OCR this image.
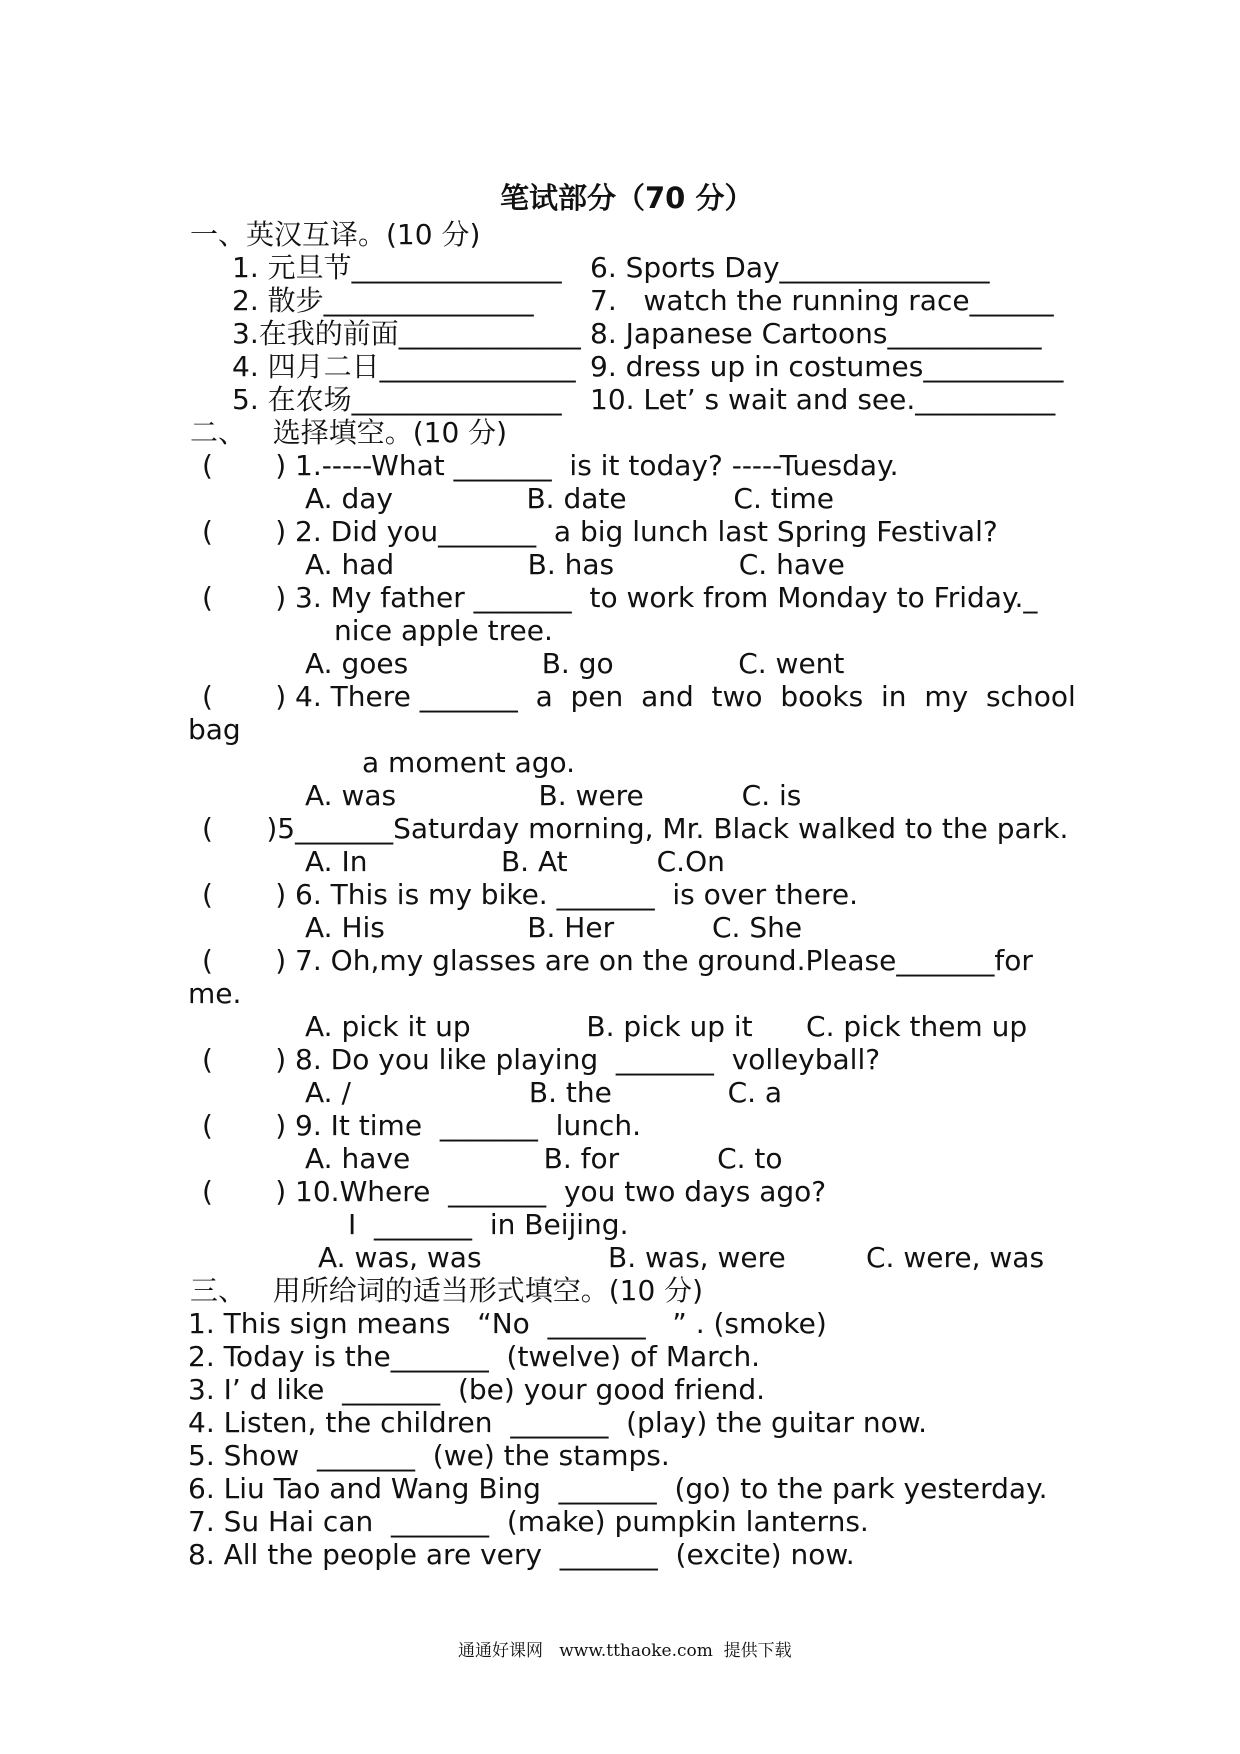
笔试部分（70 分）
一、英汉互译。(10 分)
1. 元旦节_______________
2. 散步_______________
3.在我的前面_____________
4. 四月二日______________
5. 在农场_______________
6. Sports Day_______________
7.   watch the running race______
8. Japanese Cartoons___________
9. dress up in costumes__________
10. Let’ s wait and see.__________
二、   选择填空。(10 分)
(       ) 1.-----What _______  is it today? -----Tuesday.
A. day               B. date            C. time
(       ) 2. Did you_______  a big lunch last Spring Festival?
A. had               B. has              C. have
(       ) 3. My father _______  to work from Monday to Friday._
nice apple tree.
A. goes               B. go              C. went
(       ) 4. There _______  a  pen  and  two  books  in  my  school
bag
a moment ago.
A. was                B. were           C. is
(      )5_______Saturday morning, Mr. Black walked to the park.
A. In               B. At          C.On
(       ) 6. This is my bike. _______  is over there.
A. His                B. Her           C. She
(       ) 7. Oh,my glasses are on the ground.Please_______for
me.
A. pick it up             B. pick up it      C. pick them up
(       ) 8. Do you like playing  _______  volleyball?
A. /                    B. the             C. a
(       ) 9. It time  _______  lunch.
A. have               B. for           C. to
(       ) 10.Where  _______  you two days ago?
I  _______  in Beijing.
A. was, was	B. was, were	C. were, was
三、   用所给词的适当形式填空。(10 分)
1. This sign means   “No  _______   ” . (smoke)
2. Today is the_______  (twelve) of March.
3. I’ d like  _______  (be) your good friend.
4. Listen, the children  _______  (play) the guitar now.
5. Show  _______  (we) the stamps.
6. Liu Tao and Wang Bing  _______  (go) to the park yesterday.
7. Su Hai can  _______  (make) pumpkin lanterns.
8. All the people are very  _______  (excite) now.
通通好课网   www.tthaoke.com  提供下载
